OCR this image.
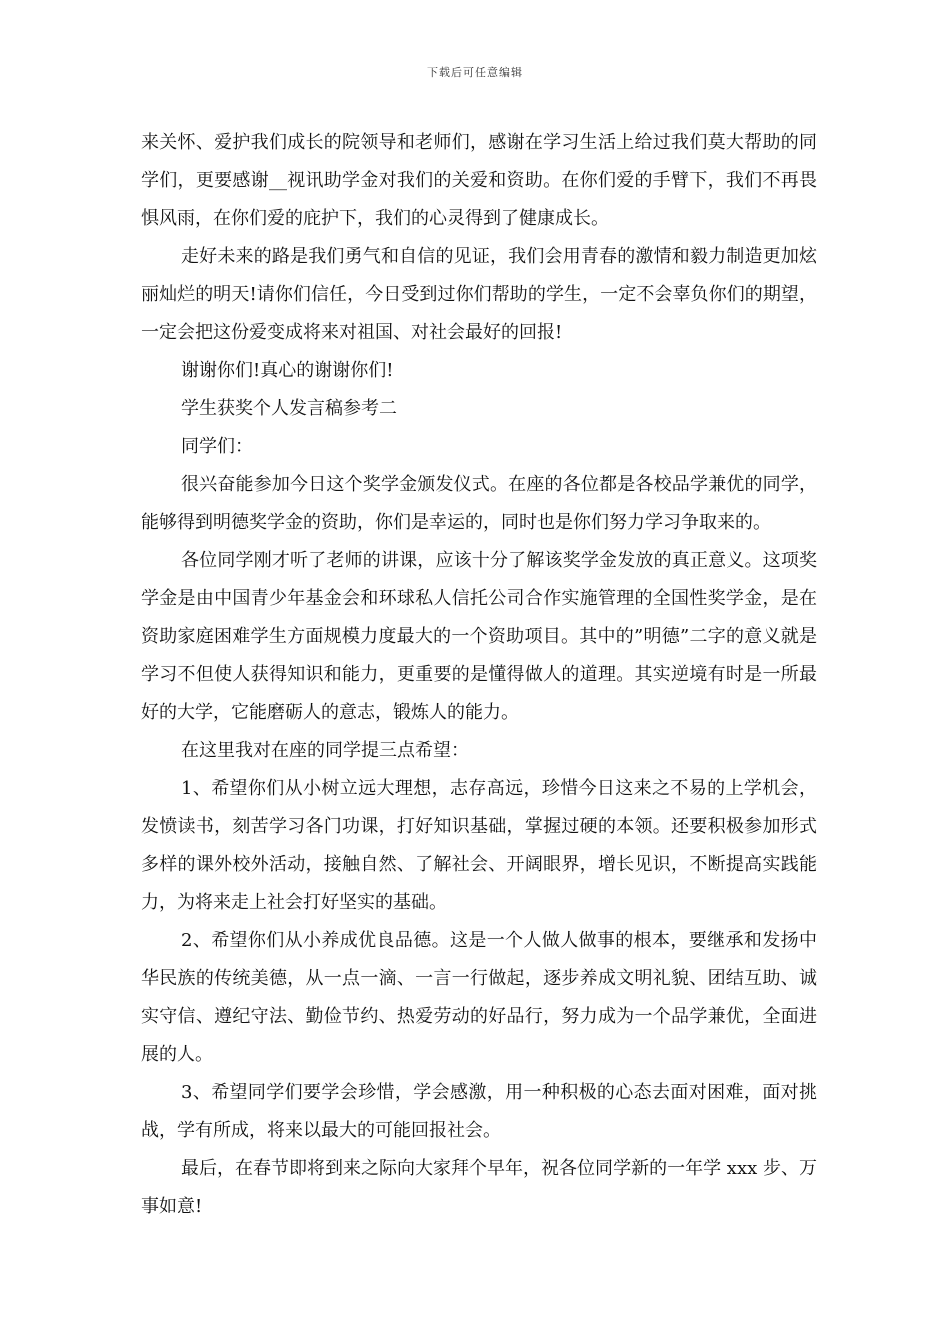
下载后可任意编辑

来关怀、爱护我们成长的院领导和老师们，感谢在学习生活上给过我们莫大帮助的同学们，更要感谢__视讯助学金对我们的关爱和资助。在你们爱的手臂下，我们不再畏惧风雨，在你们爱的庇护下，我们的心灵得到了健康成长。

走好未来的路是我们勇气和自信的见证，我们会用青春的激情和毅力制造更加炫丽灿烂的明天!请你们信任，今日受到过你们帮助的学生，一定不会辜负你们的期望，一定会把这份爱变成将来对祖国、对社会最好的回报!

谢谢你们!真心的谢谢你们!

学生获奖个人发言稿参考二

同学们：

很兴奋能参加今日这个奖学金颁发仪式。在座的各位都是各校品学兼优的同学，能够得到明德奖学金的资助，你们是幸运的，同时也是你们努力学习争取来的。

各位同学刚才听了老师的讲课，应该十分了解该奖学金发放的真正意义。这项奖学金是由中国青少年基金会和环球私人信托公司合作实施管理的全国性奖学金，是在资助家庭困难学生方面规模力度最大的一个资助项目。其中的”明德”二字的意义就是学习不但使人获得知识和能力，更重要的是懂得做人的道理。其实逆境有时是一所最好的大学，它能磨砺人的意志，锻炼人的能力。

在这里我对在座的同学提三点希望：

1、希望你们从小树立远大理想，志存高远，珍惜今日这来之不易的上学机会，发愤读书，刻苦学习各门功课，打好知识基础，掌握过硬的本领。还要积极参加形式多样的课外校外活动，接触自然、了解社会、开阔眼界，增长见识，不断提高实践能力，为将来走上社会打好坚实的基础。

2、希望你们从小养成优良品德。这是一个人做人做事的根本，要继承和发扬中华民族的传统美德，从一点一滴、一言一行做起，逐步养成文明礼貌、团结互助、诚实守信、遵纪守法、勤俭节约、热爱劳动的好品行，努力成为一个品学兼优，全面进展的人。

3、希望同学们要学会珍惜，学会感激，用一种积极的心态去面对困难，面对挑战，学有所成，将来以最大的可能回报社会。

最后，在春节即将到来之际向大家拜个早年，祝各位同学新的一年学 xxx 步、万事如意!
